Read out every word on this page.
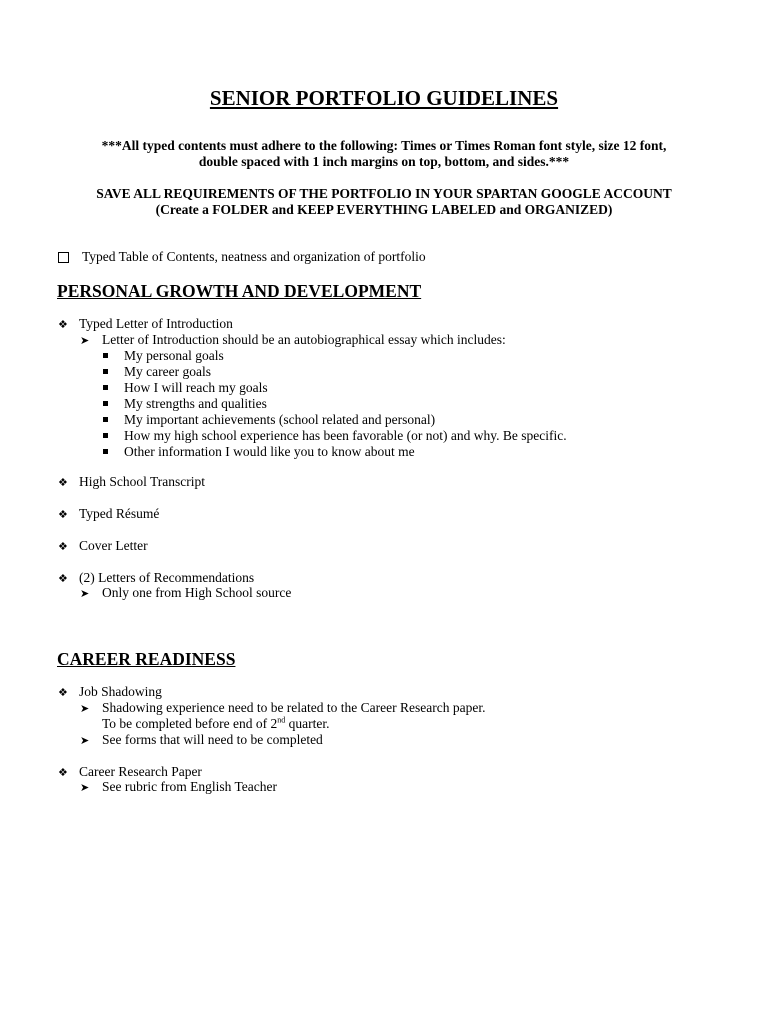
SENIOR PORTFOLIO GUIDELINES
***All typed contents must adhere to the following: Times or Times Roman font style, size 12 font,
double spaced with 1 inch margins on top, bottom, and sides.***
SAVE ALL REQUIREMENTS OF THE PORTFOLIO IN YOUR SPARTAN GOOGLE ACCOUNT
(Create a FOLDER and KEEP EVERYTHING LABELED and ORGANIZED)
Typed Table of Contents, neatness and organization of portfolio
PERSONAL GROWTH AND DEVELOPMENT
❖ Typed Letter of Introduction
➤ Letter of Introduction should be an autobiographical essay which includes:
My personal goals
My career goals
How I will reach my goals
My strengths and qualities
My important achievements (school related and personal)
How my high school experience has been favorable (or not) and why. Be specific.
Other information I would like you to know about me
❖ High School Transcript
❖ Typed Résumé
❖ Cover Letter
❖ (2) Letters of Recommendations
➤ Only one from High School source
CAREER READINESS
❖ Job Shadowing
➤ Shadowing experience need to be related to the Career Research paper.
To be completed before end of 2nd quarter.
➤ See forms that will need to be completed
❖ Career Research Paper
➤ See rubric from English Teacher
